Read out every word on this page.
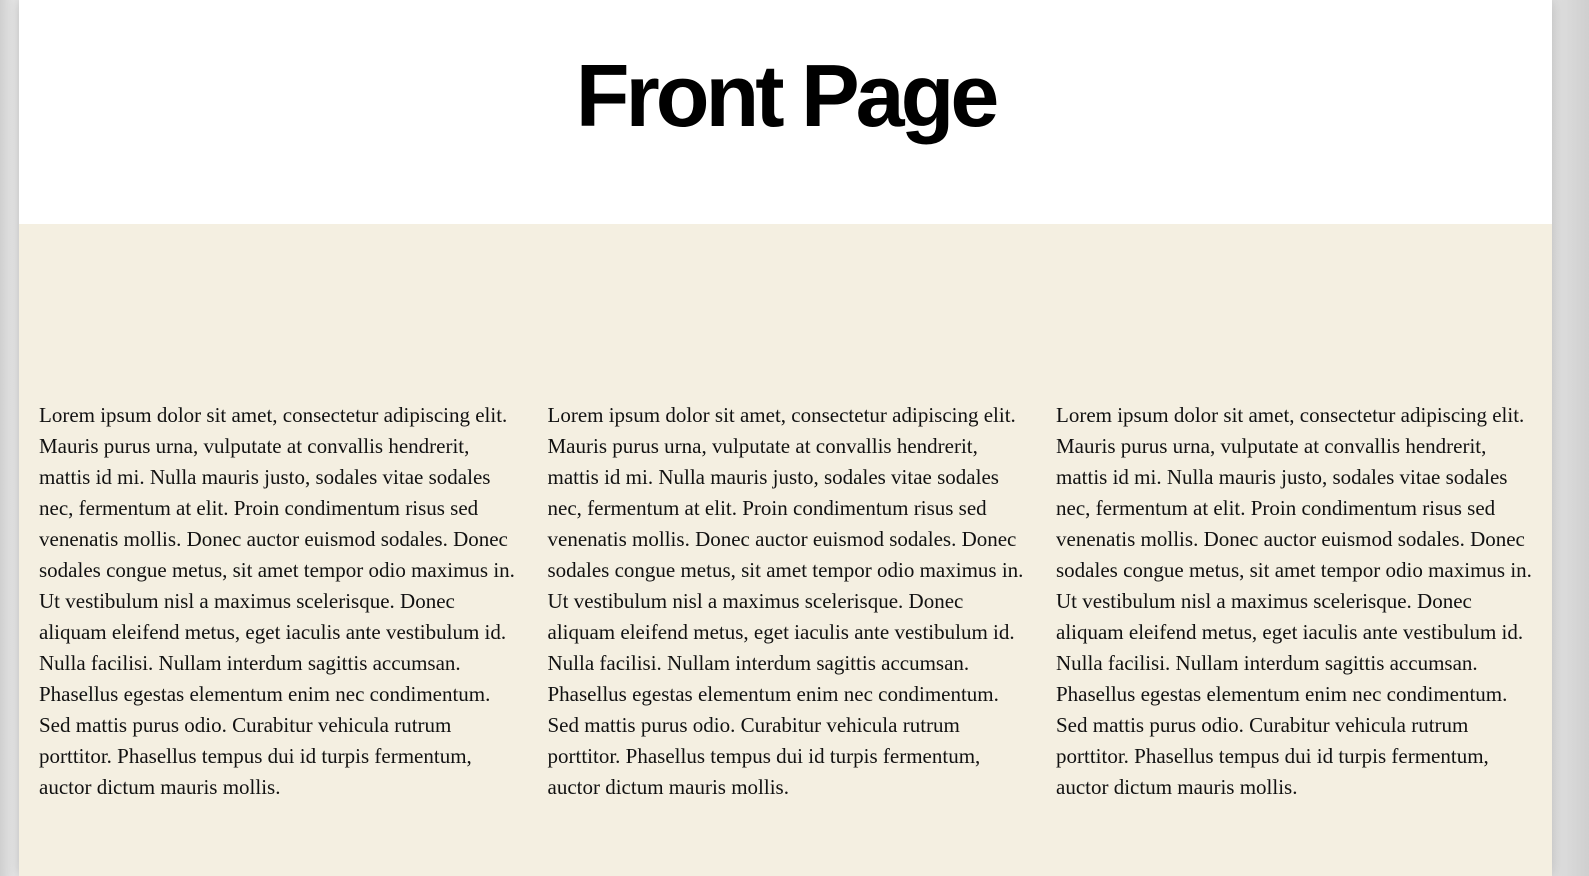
Front Page

Lorem ipsum dolor sit amet, consectetur adipiscing elit. Mauris purus urna, vulputate at convallis hendrerit, mattis id mi. Nulla mauris justo, sodales vitae sodales nec, fermentum at elit. Proin condimentum risus sed venenatis mollis. Donec auctor euismod sodales. Donec sodales congue metus, sit amet tempor odio maximus in. Ut vestibulum nisl a maximus scelerisque. Donec aliquam eleifend metus, eget iaculis ante vestibulum id. Nulla facilisi. Nullam interdum sagittis accumsan. Phasellus egestas elementum enim nec condimentum. Sed mattis purus odio. Curabitur vehicula rutrum porttitor. Phasellus tempus dui id turpis fermentum, auctor dictum mauris mollis.

Lorem ipsum dolor sit amet, consectetur adipiscing elit. Mauris purus urna, vulputate at convallis hendrerit, mattis id mi. Nulla mauris justo, sodales vitae sodales nec, fermentum at elit. Proin condimentum risus sed venenatis mollis. Donec auctor euismod sodales. Donec sodales congue metus, sit amet tempor odio maximus in. Ut vestibulum nisl a maximus scelerisque. Donec aliquam eleifend metus, eget iaculis ante vestibulum id. Nulla facilisi. Nullam interdum sagittis accumsan. Phasellus egestas elementum enim nec condimentum. Sed mattis purus odio. Curabitur vehicula rutrum porttitor. Phasellus tempus dui id turpis fermentum, auctor dictum mauris mollis.

Lorem ipsum dolor sit amet, consectetur adipiscing elit. Mauris purus urna, vulputate at convallis hendrerit, mattis id mi. Nulla mauris justo, sodales vitae sodales nec, fermentum at elit. Proin condimentum risus sed venenatis mollis. Donec auctor euismod sodales. Donec sodales congue metus, sit amet tempor odio maximus in. Ut vestibulum nisl a maximus scelerisque. Donec aliquam eleifend metus, eget iaculis ante vestibulum id. Nulla facilisi. Nullam interdum sagittis accumsan. Phasellus egestas elementum enim nec condimentum. Sed mattis purus odio. Curabitur vehicula rutrum porttitor. Phasellus tempus dui id turpis fermentum, auctor dictum mauris mollis.
